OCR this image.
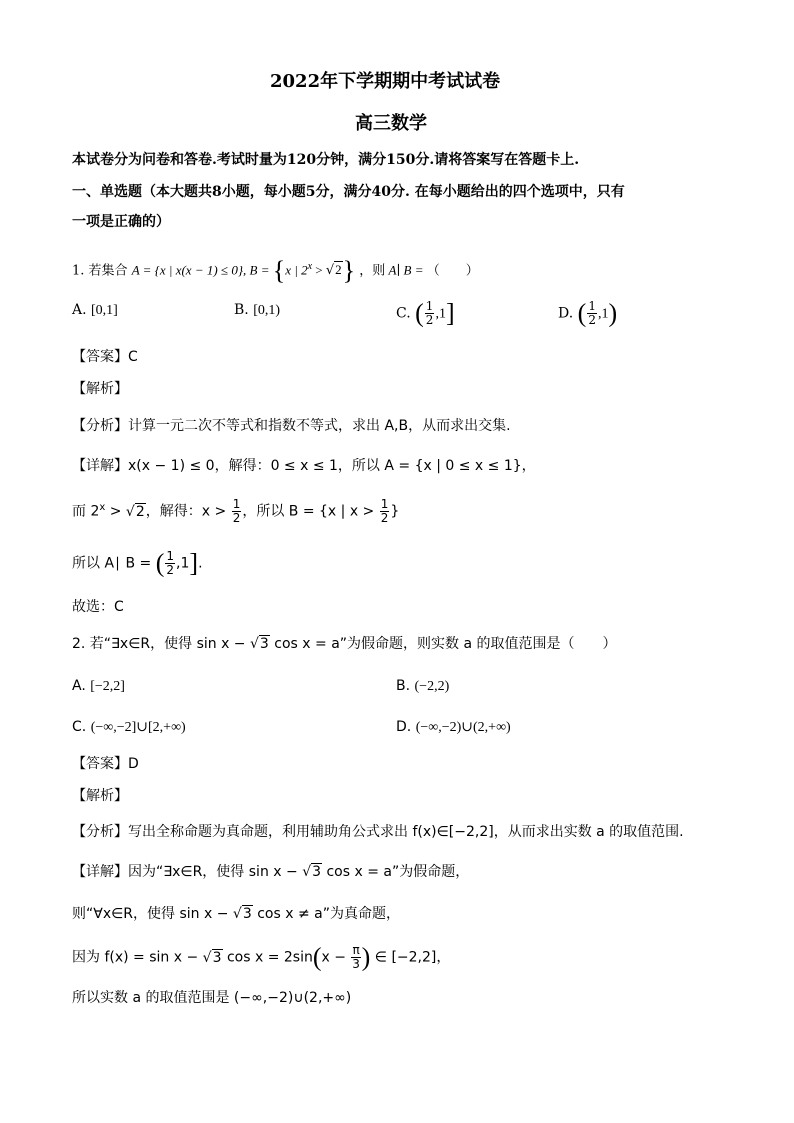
2022年下学期期中考试试卷
高三数学
本试卷分为问卷和答卷.考试时量为120分钟，满分150分.请将答案写在答题卡上.
一、单选题（本大题共8小题，每小题5分，满分40分. 在每小题给出的四个选项中，只有
一项是正确的）
1. 若集合 A = {x | x(x − 1) ≤ 0}, B = {x | $2^x > √2$} ，则 A∣ B = （　　）
A. [0,1]	B. [0,1)	C. ( $\frac{1}{2} ,1$]	D. ( $\frac{1}{2} ,1$)
【答案】C
【解析】
【分析】计算一元二次不等式和指数不等式，求出 A,B，从而求出交集.
【详解】x(x − 1) ≤ 0，解得：0 ≤ x ≤ 1，所以 A = {x | 0 ≤ x ≤ 1}，
而 $2^x > √2$，解得：$x > \frac{1}{2}$ ，所以 B = {x | $x > \frac{1}{2}$ }
所以 A∣ B = ( $\frac{1}{2} ,1$].
故选：C
2. 若“∃x∈R，使得 sin x − √3 cos x = a”为假命题，则实数 a 的取值范围是（　　）
A. [−2,2]	B. (−2,2)
C. (−∞,−2]∪[2,+∞)	D. (−∞,−2)∪(2,+∞)
【答案】D
【解析】
【分析】写出全称命题为真命题，利用辅助角公式求出 f(x)∈[−2,2]，从而求出实数 a 的取值范围.
【详解】因为“∃x∈R，使得 sin x − √3 cos x = a”为假命题，
则“∀x∈R，使得 sin x − √3 cos x ≠ a”为真命题，
因为 f(x) = sin x − √3 $\cos x = 2\sin(x - \frac{\pi}{3}$ ) ∈ [−2,2]，
所以实数 a 的取值范围是 (−∞,−2)∪(2,+∞)
